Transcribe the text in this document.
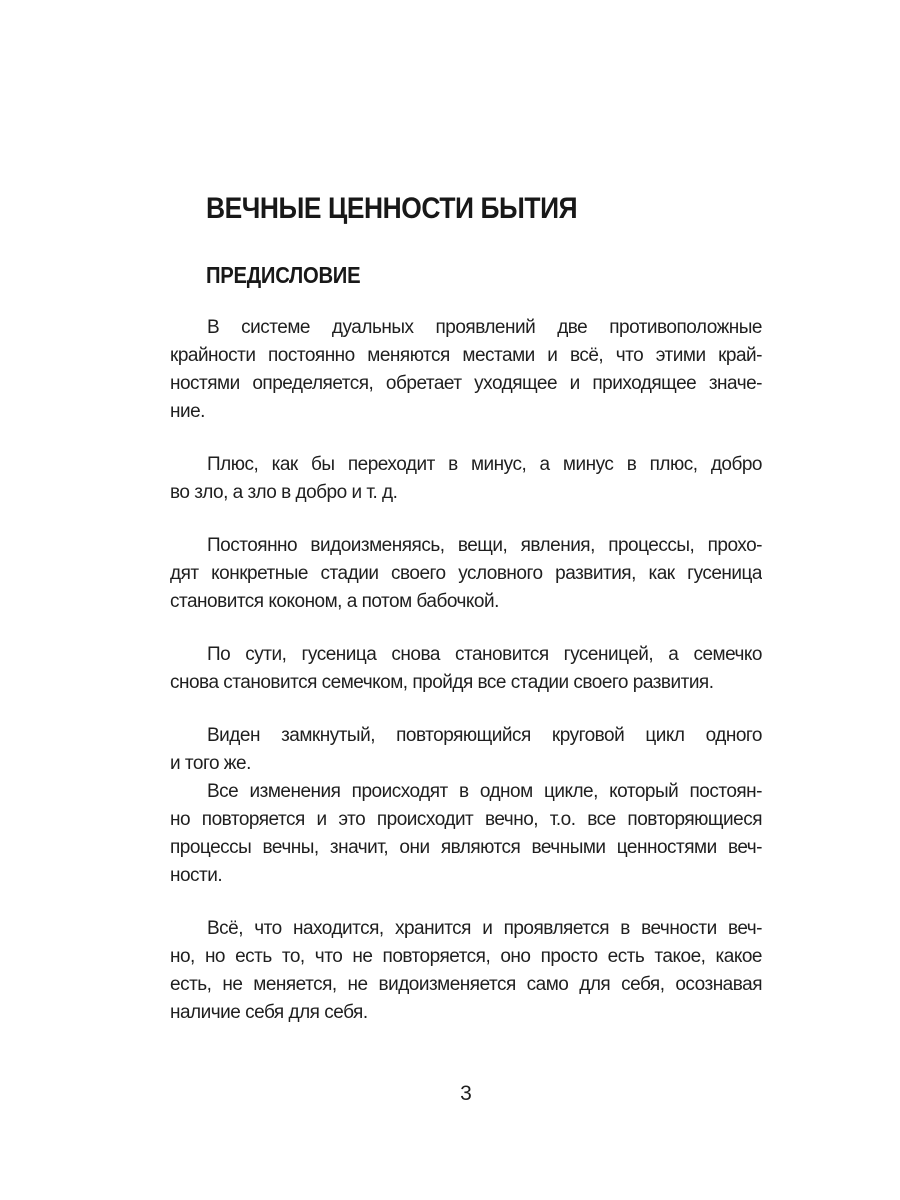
ВЕЧНЫЕ ЦЕННОСТИ БЫТИЯ
ПРЕДИСЛОВИЕ
В системе дуальных проявлений две противоположные
крайности постоянно меняются местами и всё, что этими край-
ностями определяется, обретает уходящее и приходящее значе-
ние.
Плюс, как бы переходит в минус, а минус в плюс, добро
во зло, а зло в добро и т. д.
Постоянно видоизменяясь, вещи, явления, процессы, прохо-
дят конкретные стадии своего условного развития, как гусеница
становится коконом, а потом бабочкой.
По сути, гусеница снова становится гусеницей, а семечко
снова становится семечком, пройдя все стадии своего развития.
Виден замкнутый, повторяющийся круговой цикл одного
и того же.
Все изменения происходят в одном цикле, который постоян-
но повторяется и это происходит вечно, т.о. все повторяющиеся
процессы вечны, значит, они являются вечными ценностями веч-
ности.
Всё, что находится, хранится и проявляется в вечности веч-
но, но есть то, что не повторяется, оно просто есть такое, какое
есть, не меняется, не видоизменяется само для себя, осознавая
наличие себя для себя.
3
